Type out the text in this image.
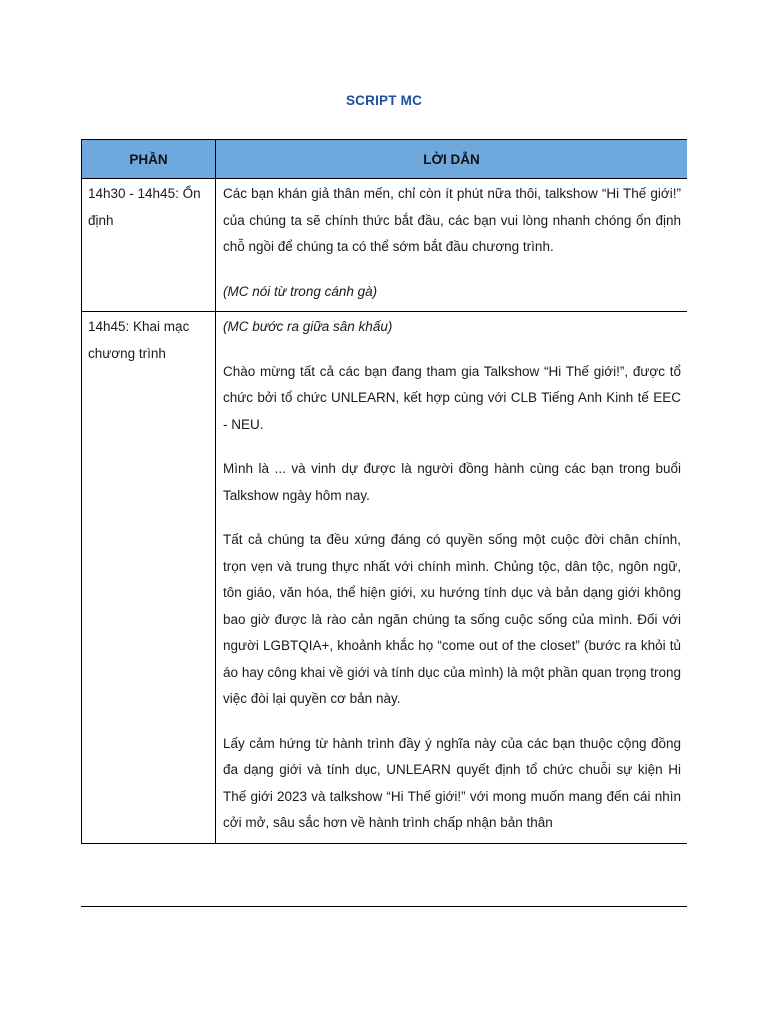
SCRIPT MC
PHẦN	LỜI DẪN
14h30 - 14h45: Ổn định	Các bạn khán giả thân mến, chỉ còn ít phút nữa thôi, talkshow “Hi Thế giới!” của chúng ta sẽ chính thức bắt đầu, các bạn vui lòng nhanh chóng ổn định chỗ ngồi để chúng ta có thể sớm bắt đầu chương trình.

(MC nói từ trong cánh gà)

14h45: Khai mạc chương trình	(MC bước ra giữa sân khấu)

Chào mừng tất cả các bạn đang tham gia Talkshow “Hi Thế giới!”, được tổ chức bởi tổ chức UNLEARN, kết hợp cùng với CLB Tiếng Anh Kinh tế EEC - NEU.

Mình là ... và vinh dự được là người đồng hành cùng các bạn trong buổi Talkshow ngày hôm nay.

Tất cả chúng ta đều xứng đáng có quyền sống một cuộc đời chân chính, trọn vẹn và trung thực nhất với chính mình. Chủng tộc, dân tộc, ngôn ngữ, tôn giáo, văn hóa, thể hiện giới, xu hướng tính dục và bản dạng giới không bao giờ được là rào cản ngăn chúng ta sống cuộc sống của mình. Đối với người LGBTQIA+, khoảnh khắc họ “come out of the closet” (bước ra khỏi tủ áo hay công khai về giới và tính dục của mình) là một phần quan trọng trong việc đòi lại quyền cơ bản này.

Lấy cảm hứng từ hành trình đầy ý nghĩa này của các bạn thuộc cộng đồng đa dạng giới và tính dục, UNLEARN quyết định tổ chức chuỗi sự kiện Hi Thế giới 2023 và talkshow “Hi Thế giới!” với mong muốn mang đến cái nhìn cởi mở, sâu sắc hơn về hành trình chấp nhận bản thân
